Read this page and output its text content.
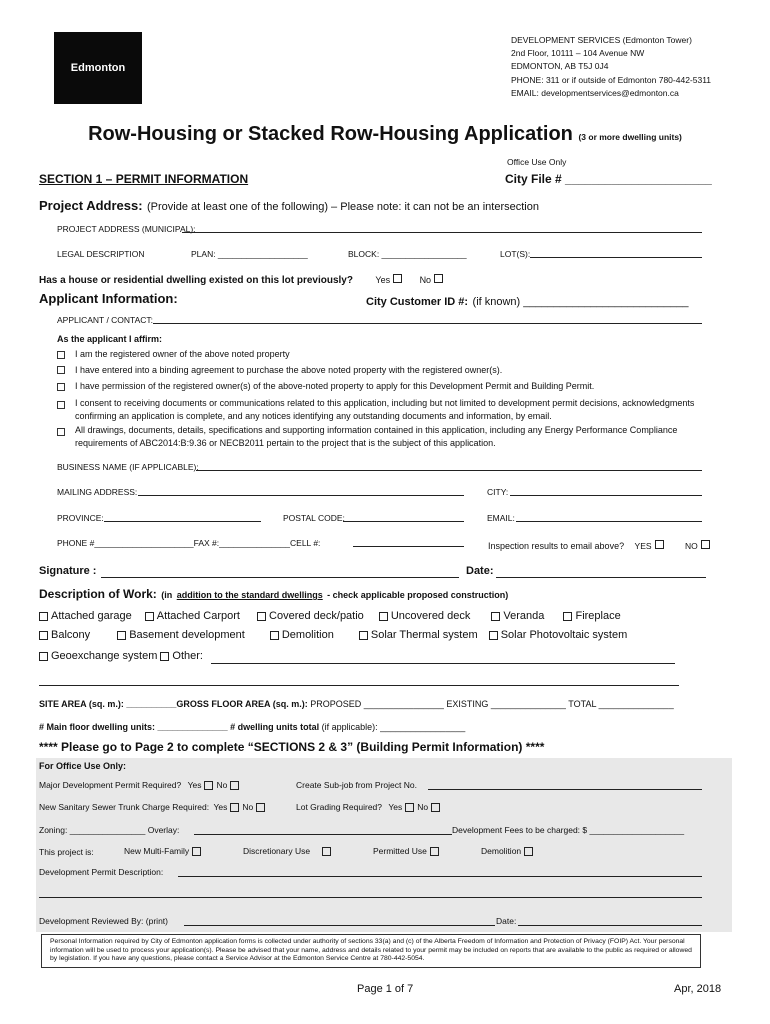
Edmonton
DEVELOPMENT SERVICES (Edmonton Tower)
2nd Floor, 10111 – 104 Avenue NW
EDMONTON, AB T5J 0J4
PHONE: 311 or if outside of Edmonton 780-442-5311
EMAIL: developmentservices@edmonton.ca
Row-Housing or Stacked Row-Housing Application (3 or more dwelling units)
Office Use Only
SECTION 1 – PERMIT INFORMATION	City File # ______________________
Project Address: (Provide at least one of the following) – Please note: it can not be an intersection
PROJECT ADDRESS (MUNICIPAL):
LEGAL DESCRIPTION	PLAN: ___________________	BLOCK: __________________	LOT(S):
Has a house or residential dwelling existed on this lot previously? Yes	No
Applicant Information:	City Customer ID #: (if known) ___________________________
APPLICANT / CONTACT:
As the applicant I affirm:
I am the registered owner of the above noted property
I have entered into a binding agreement to purchase the above noted property with the registered owner(s).
I have permission of the registered owner(s) of the above-noted property to apply for this Development Permit and Building Permit.
I consent to receiving documents or communications related to this application, including but not limited to development permit decisions, acknowledgments confirming an application is complete, and any notices identifying any outstanding documents and information, by email.
All drawings, documents, details, specifications and supporting information contained in this application, including any Energy Performance Compliance requirements of ABC2014:B:9.36 or NECB2011 pertain to the project that is the subject of this application.
BUSINESS NAME (IF APPLICABLE):
MAILING ADDRESS:	CITY:
PROVINCE:	POSTAL CODE:	EMAIL:
PHONE #_____________________FAX #:_______________CELL #:	Inspection results to email above? YES	NO
Signature :	Date:
Description of Work: (in addition to the standard dwellings - check applicable proposed construction)
Attached garage Attached Carport	Covered deck/patio Uncovered deck	Veranda	Fireplace
Balcony	Basement development	Demolition	Solar Thermal system Solar Photovoltaic system
Geoexchange system Other:
SITE AREA (sq. m.): __________GROSS FLOOR AREA (sq. m.): PROPOSED ________________ EXISTING _______________ TOTAL _______________
# Main floor dwelling units: ______________ # dwelling units total (if applicable): _________________
**** Please go to Page 2 to complete “SECTIONS 2 & 3” (Building Permit Information) ****
For Office Use Only:
Major Development Permit Required? Yes No	Create Sub-job from Project No.
New Sanitary Sewer Trunk Charge Required: Yes No	Lot Grading Required? Yes No
Zoning: ________________ Overlay:	Development Fees to be charged: $ ____________________
This project is:	New Multi-Family	Discretionary Use	Permitted Use	Demolition
Development Permit Description:
Development Reviewed By: (print)	Date:
Personal Information required by City of Edmonton application forms is collected under authority of sections 33(a) and (c) of the Alberta Freedom of Information and Protection of Privacy (FOIP) Act. Your personal information will be used to process your application(s). Please be advised that your name, address and details related to your permit may be included on reports that are available to the public as required or allowed by legislation. If you have any questions, please contact a Service Advisor at the Edmonton Service Centre at 780-442-5054.
Page 1 of 7	Apr, 2018
